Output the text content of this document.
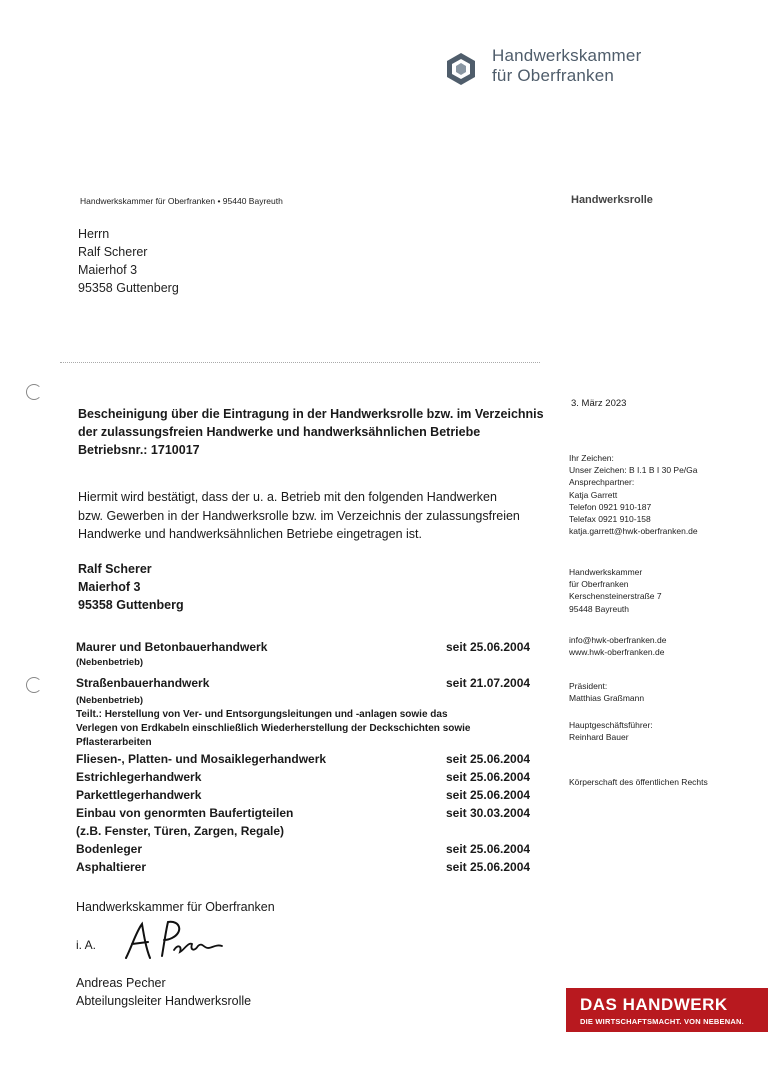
Handwerkskammer
für Oberfranken
Handwerkskammer für Oberfranken • 95440 Bayreuth	Handwerksrolle
Herrn
Ralf Scherer
Maierhof 3
95358 Guttenberg
3. März 2023
Bescheinigung über die Eintragung in der Handwerksrolle bzw. im Verzeichnis
der zulassungsfreien Handwerke und handwerksähnlichen Betriebe
Betriebsnr.: 1710017
Hiermit wird bestätigt, dass der u. a. Betrieb mit den folgenden Handwerken
bzw. Gewerben in der Handwerksrolle bzw. im Verzeichnis der zulassungsfreien
Handwerke und handwerksähnlichen Betriebe eingetragen ist.
Ralf Scherer
Maierhof 3
95358 Guttenberg
Maurer und Betonbauerhandwerk	seit 25.06.2004
(Nebenbetrieb)
Straßenbauerhandwerk	seit 21.07.2004
(Nebenbetrieb)
Teilt.: Herstellung von Ver- und Entsorgungsleitungen und -anlagen sowie das
Verlegen von Erdkabeln einschließlich Wiederherstellung der Deckschichten sowie
Pflasterarbeiten
Fliesen-, Platten- und Mosaiklegerhandwerk	seit 25.06.2004
Estrichlegerhandwerk	seit 25.06.2004
Parkettlegerhandwerk	seit 25.06.2004
Einbau von genormten Baufertigteilen	seit 30.03.2004
(z.B. Fenster, Türen, Zargen, Regale)
Bodenleger	seit 25.06.2004
Asphaltierer	seit 25.06.2004
Handwerkskammer für Oberfranken
i. A.
Andreas Pecher
Abteilungsleiter Handwerksrolle
Ihr Zeichen:
Unser Zeichen: B I.1 B I 30 Pe/Ga
Ansprechpartner:
Katja Garrett
Telefon 0921 910-187
Telefax 0921 910-158
katja.garrett@hwk-oberfranken.de
Handwerkskammer
für Oberfranken
Kerschensteinerstraße 7
95448 Bayreuth
info@hwk-oberfranken.de
www.hwk-oberfranken.de
Präsident:
Matthias Graßmann
Hauptgeschäftsführer:
Reinhard Bauer
Körperschaft des öffentlichen Rechts
DAS HANDWERK
DIE WIRTSCHAFTSMACHT. VON NEBENAN.
